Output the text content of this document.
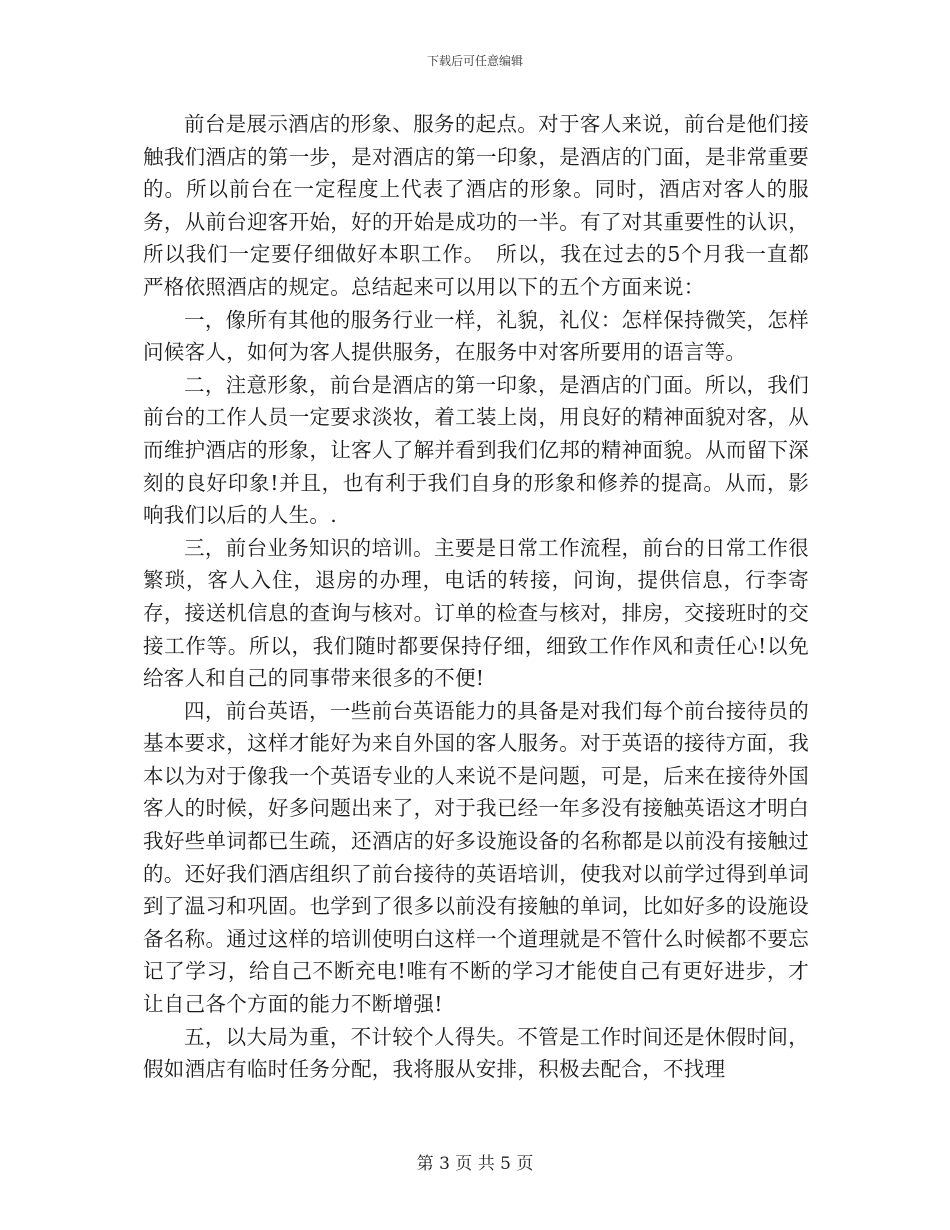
下载后可任意编辑

前台是展示酒店的形象、服务的起点。对于客人来说，前台是他们接触我们酒店的第一步，是对酒店的第一印象，是酒店的门面，是非常重要的。所以前台在一定程度上代表了酒店的形象。同时，酒店对客人的服务，从前台迎客开始，好的开始是成功的一半。有了对其重要性的认识，所以我们一定要仔细做好本职工作。　所以，我在过去的5个月我一直都严格依照酒店的规定。总结起来可以用以下的五个方面来说：

一，像所有其他的服务行业一样，礼貌，礼仪：怎样保持微笑，怎样问候客人，如何为客人提供服务，在服务中对客所要用的语言等。

二，注意形象，前台是酒店的第一印象，是酒店的门面。所以，我们前台的工作人员一定要求淡妆，着工装上岗，用良好的精神面貌对客，从而维护酒店的形象，让客人了解并看到我们亿邦的精神面貌。从而留下深刻的良好印象!并且，也有利于我们自身的形象和修养的提高。从而，影响我们以后的人生。.

三，前台业务知识的培训。主要是日常工作流程，前台的日常工作很繁琐，客人入住，退房的办理，电话的转接，问询，提供信息，行李寄存，接送机信息的查询与核对。订单的检查与核对，排房，交接班时的交接工作等。所以，我们随时都要保持仔细，细致工作作风和责任心!以免给客人和自己的同事带来很多的不便!

四，前台英语，一些前台英语能力的具备是对我们每个前台接待员的基本要求，这样才能好为来自外国的客人服务。对于英语的接待方面，我本以为对于像我一个英语专业的人来说不是问题，可是，后来在接待外国客人的时候，好多问题出来了，对于我已经一年多没有接触英语这才明白我好些单词都已生疏，还酒店的好多设施设备的名称都是以前没有接触过的。还好我们酒店组织了前台接待的英语培训，使我对以前学过得到单词到了温习和巩固。也学到了很多以前没有接触的单词，比如好多的设施设备名称。通过这样的培训使明白这样一个道理就是不管什么时候都不要忘记了学习，给自己不断充电!唯有不断的学习才能使自己有更好进步，才让自己各个方面的能力不断增强!

五，以大局为重，不计较个人得失。不管是工作时间还是休假时间，假如酒店有临时任务分配，我将服从安排，积极去配合，不找理

第 3 页 共 5 页
